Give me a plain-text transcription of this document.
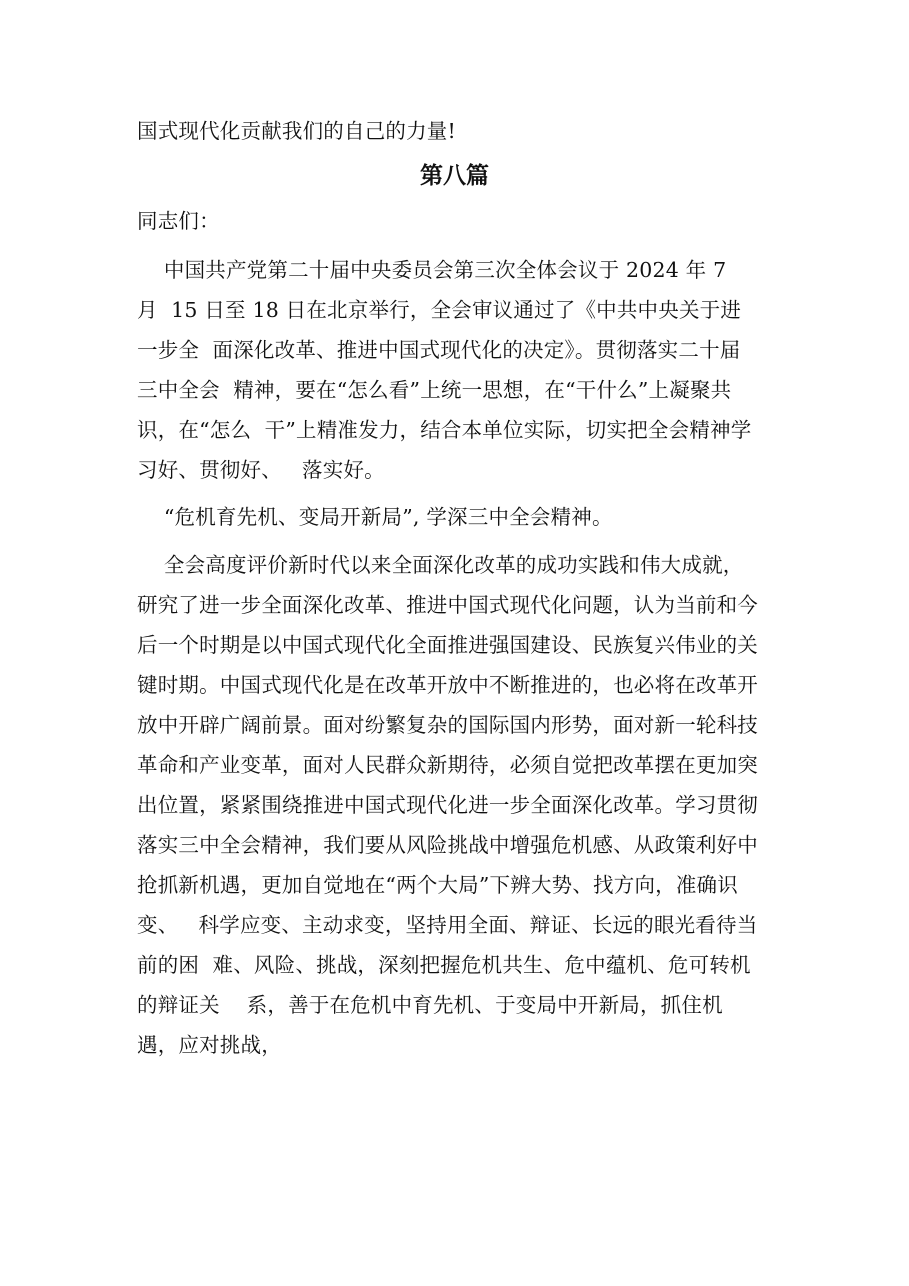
国式现代化贡献我们的自己的力量!
第八篇
同志们：
中国共产党第二十届中央委员会第三次全体会议于 2024 年 7
月  15 日至 18 日在北京举行，全会审议通过了《中共中央关于进
一步全  面深化改革、推进中国式现代化的决定》。贯彻落实二十届
三中全会  精神，要在“怎么看”上统一思想，在“干什么”上凝聚共
识，在“怎么  干”上精准发力，结合本单位实际，切实把全会精神学
习好、贯彻好、   落实好。
“危机育先机、变局开新局”, 学深三中全会精神。
全会高度评价新时代以来全面深化改革的成功实践和伟大成就，
研究了进一步全面深化改革、推进中国式现代化问题，认为当前和今
后一个时期是以中国式现代化全面推进强国建设、民族复兴伟业的关
键时期。中国式现代化是在改革开放中不断推进的，也必将在改革开
放中开辟广阔前景。面对纷繁复杂的国际国内形势，面对新一轮科技
革命和产业变革，面对人民群众新期待，必须自觉把改革摆在更加突
出位置，紧紧围绕推进中国式现代化进一步全面深化改革。学习贯彻
落实三中全会精神，我们要从风险挑战中增强危机感、从政策利好中
抢抓新机遇，更加自觉地在“两个大局”下辨大势、找方向，准确识
变、   科学应变、主动求变，坚持用全面、辩证、长远的眼光看待当
前的困  难、风险、挑战，深刻把握危机共生、危中蕴机、危可转机
的辩证关    系，善于在危机中育先机、于变局中开新局，抓住机
遇，应对挑战，
